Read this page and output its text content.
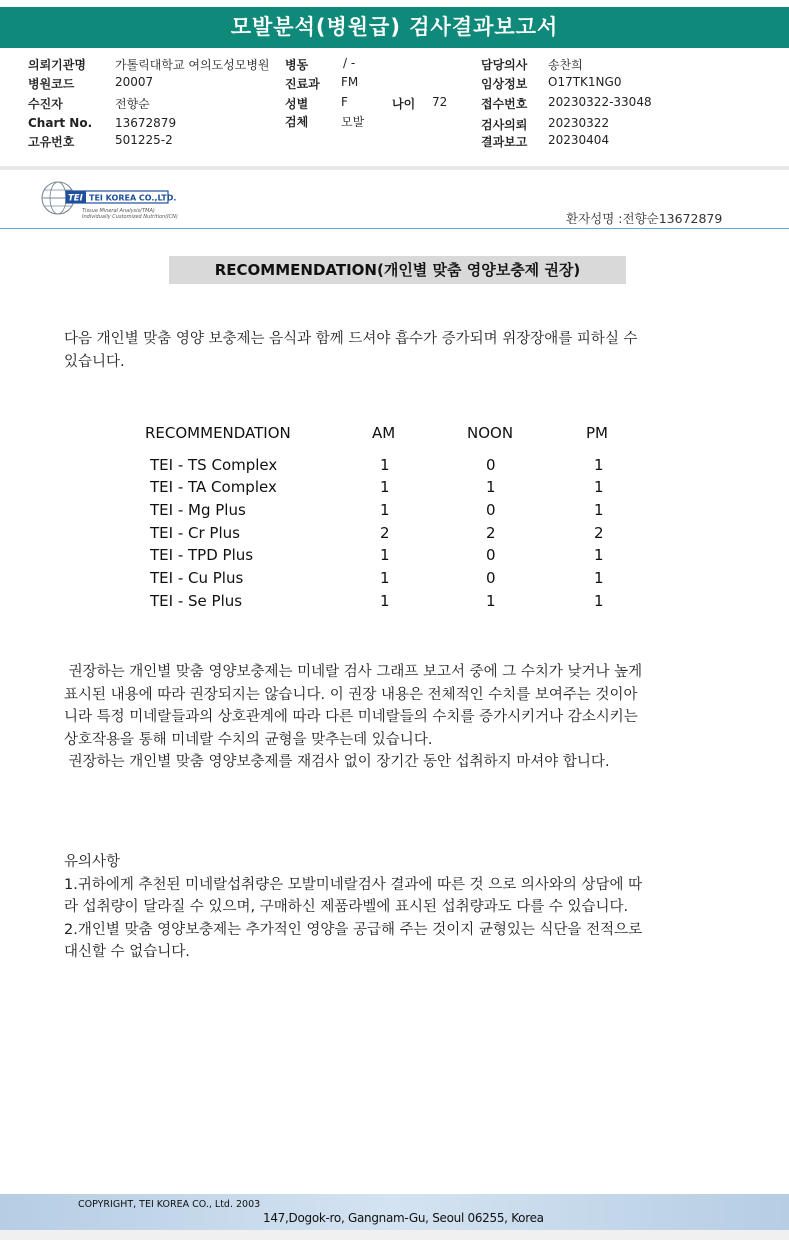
모발분석(병원급) 검사결과보고서
의뢰기관명 가톨릭대학교 여의도성모병원
병원코드	20007
수진자	전향순
Chart No. 13672879
고유번호	501225-2
병동	/ -
진료과 FM
성별	F	나이 72
검체	모발
담당의사 송찬희
임상정보 O17TK1NG0
접수번호 20230322-33048
검사의뢰 20230322
결과보고 20230404
TEI TEI KOREA CO.,LTD.
Tissue Mineral Analysis(TMA)
Individually Customized Nutrition(ICN)	환자성명 :전향순13672879
RECOMMENDATION(개인별 맞춤 영양보충제 권장)
다음 개인별 맞춤 영양 보충제는 음식과 함께 드셔야 흡수가 증가되며 위장장애를 피하실 수
있습니다.
RECOMMENDATION	AM	NOON	PM
TEI - TS Complex	1	0	1
TEI - TA Complex	1	1	1
TEI - Mg Plus	1	0	1
TEI - Cr Plus	2	2	2
TEI - TPD Plus	1	0	1
TEI - Cu Plus	1	0	1
TEI - Se Plus	1	1	1
권장하는 개인별 맞춤 영양보충제는 미네랄 검사 그래프 보고서 중에 그 수치가 낮거나 높게
표시된 내용에 따라 권장되지는 않습니다. 이 권장 내용은 전체적인 수치를 보여주는 것이아
니라 특정 미네랄들과의 상호관계에 따라 다른 미네랄들의 수치를 증가시키거나 감소시키는
상호작용을 통해 미네랄 수치의 균형을 맞추는데 있습니다.
권장하는 개인별 맞춤 영양보충제를 재검사 없이 장기간 동안 섭취하지 마셔야 합니다.
유의사항
1.귀하에게 추천된 미네랄섭취량은 모발미네랄검사 결과에 따른 것 으로 의사와의 상담에 따
라 섭취량이 달라질 수 있으며, 구매하신 제품라벨에 표시된 섭취량과도 다를 수 있습니다.
2.개인별 맞춤 영양보충제는 추가적인 영양을 공급해 주는 것이지 균형있는 식단을 전적으로
대신할 수 없습니다.
COPYRIGHT, TEI KOREA CO., Ltd. 2003
147,Dogok-ro, Gangnam-Gu, Seoul 06255, Korea
